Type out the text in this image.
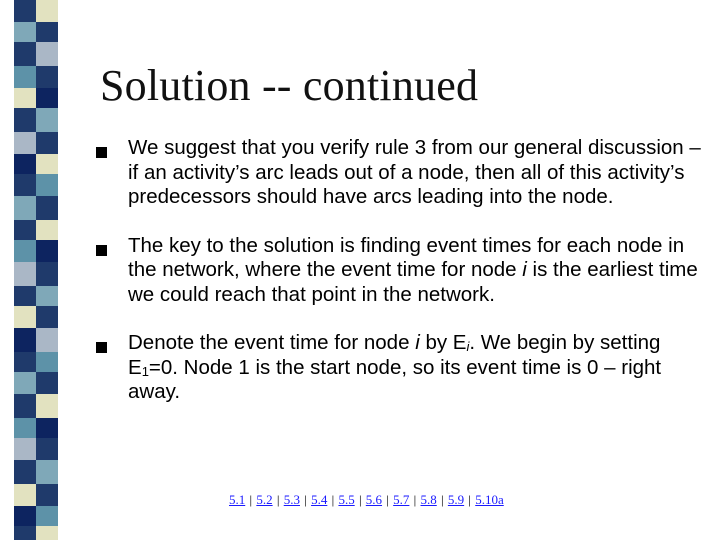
Solution -- continued
We suggest that you verify rule 3 from our general discussion – if an activity’s arc leads out of a node, then all of this activity’s predecessors should have arcs leading into the node.
The key to the solution is finding event times for each node in the network, where the event time for node i is the earliest time we could reach that point in the network.
Denote the event time for node i by $E_i$. We begin by setting $E_1=0$. Node 1 is the start node, so its event time is 0 – right away.
5.1 | 5.2 | 5.3 | 5.4 | 5.5 | 5.6 | 5.7 | 5.8 | 5.9 | 5.10a
